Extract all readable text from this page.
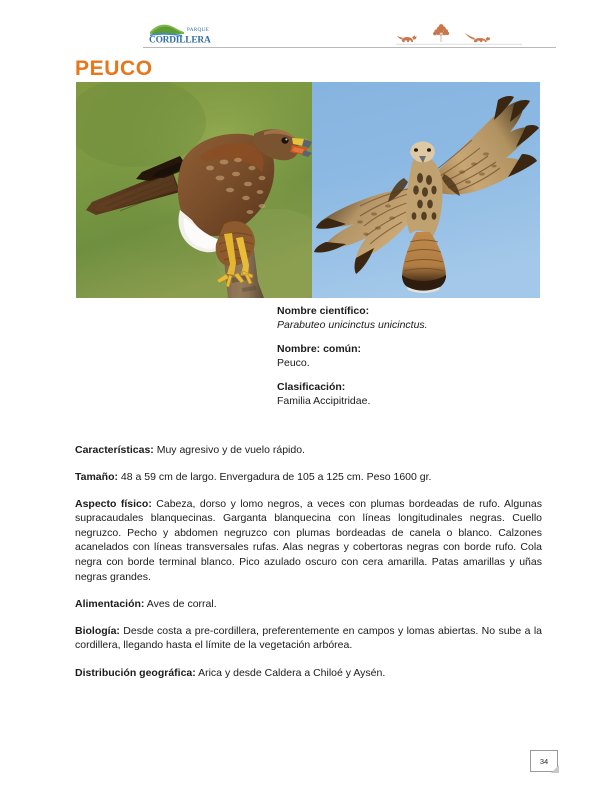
PARQUE
CORDILLERA
PEUCO
Nombre científico:
Parabuteo unicinctus unicinctus.
Nombre: común:
Peuco.
Clasificación:
Familia Accipitridae.

Características: Muy agresivo y de vuelo rápido.

Tamaño: 48 a 59 cm de largo. Envergadura de 105 a 125 cm. Peso 1600 gr.

Aspecto físico: Cabeza, dorso y lomo negros, a veces con plumas bordeadas de rufo. Algunas supracaudales blanquecinas. Garganta blanquecina con líneas longitudinales negras. Cuello negruzco. Pecho y abdomen negruzco con plumas bordeadas de canela o blanco. Calzones acanelados con líneas transversales rufas. Alas negras y cobertoras negras con borde rufo. Cola negra con borde terminal blanco. Pico azulado oscuro con cera amarilla. Patas amarillas y uñas negras grandes.

Alimentación: Aves de corral.

Biología: Desde costa a pre-cordillera, preferentemente en campos y lomas abiertas. No sube a la cordillera, llegando hasta el límite de la vegetación arbórea.

Distribución geográfica: Arica y desde Caldera a Chiloé y Aysén.

34
